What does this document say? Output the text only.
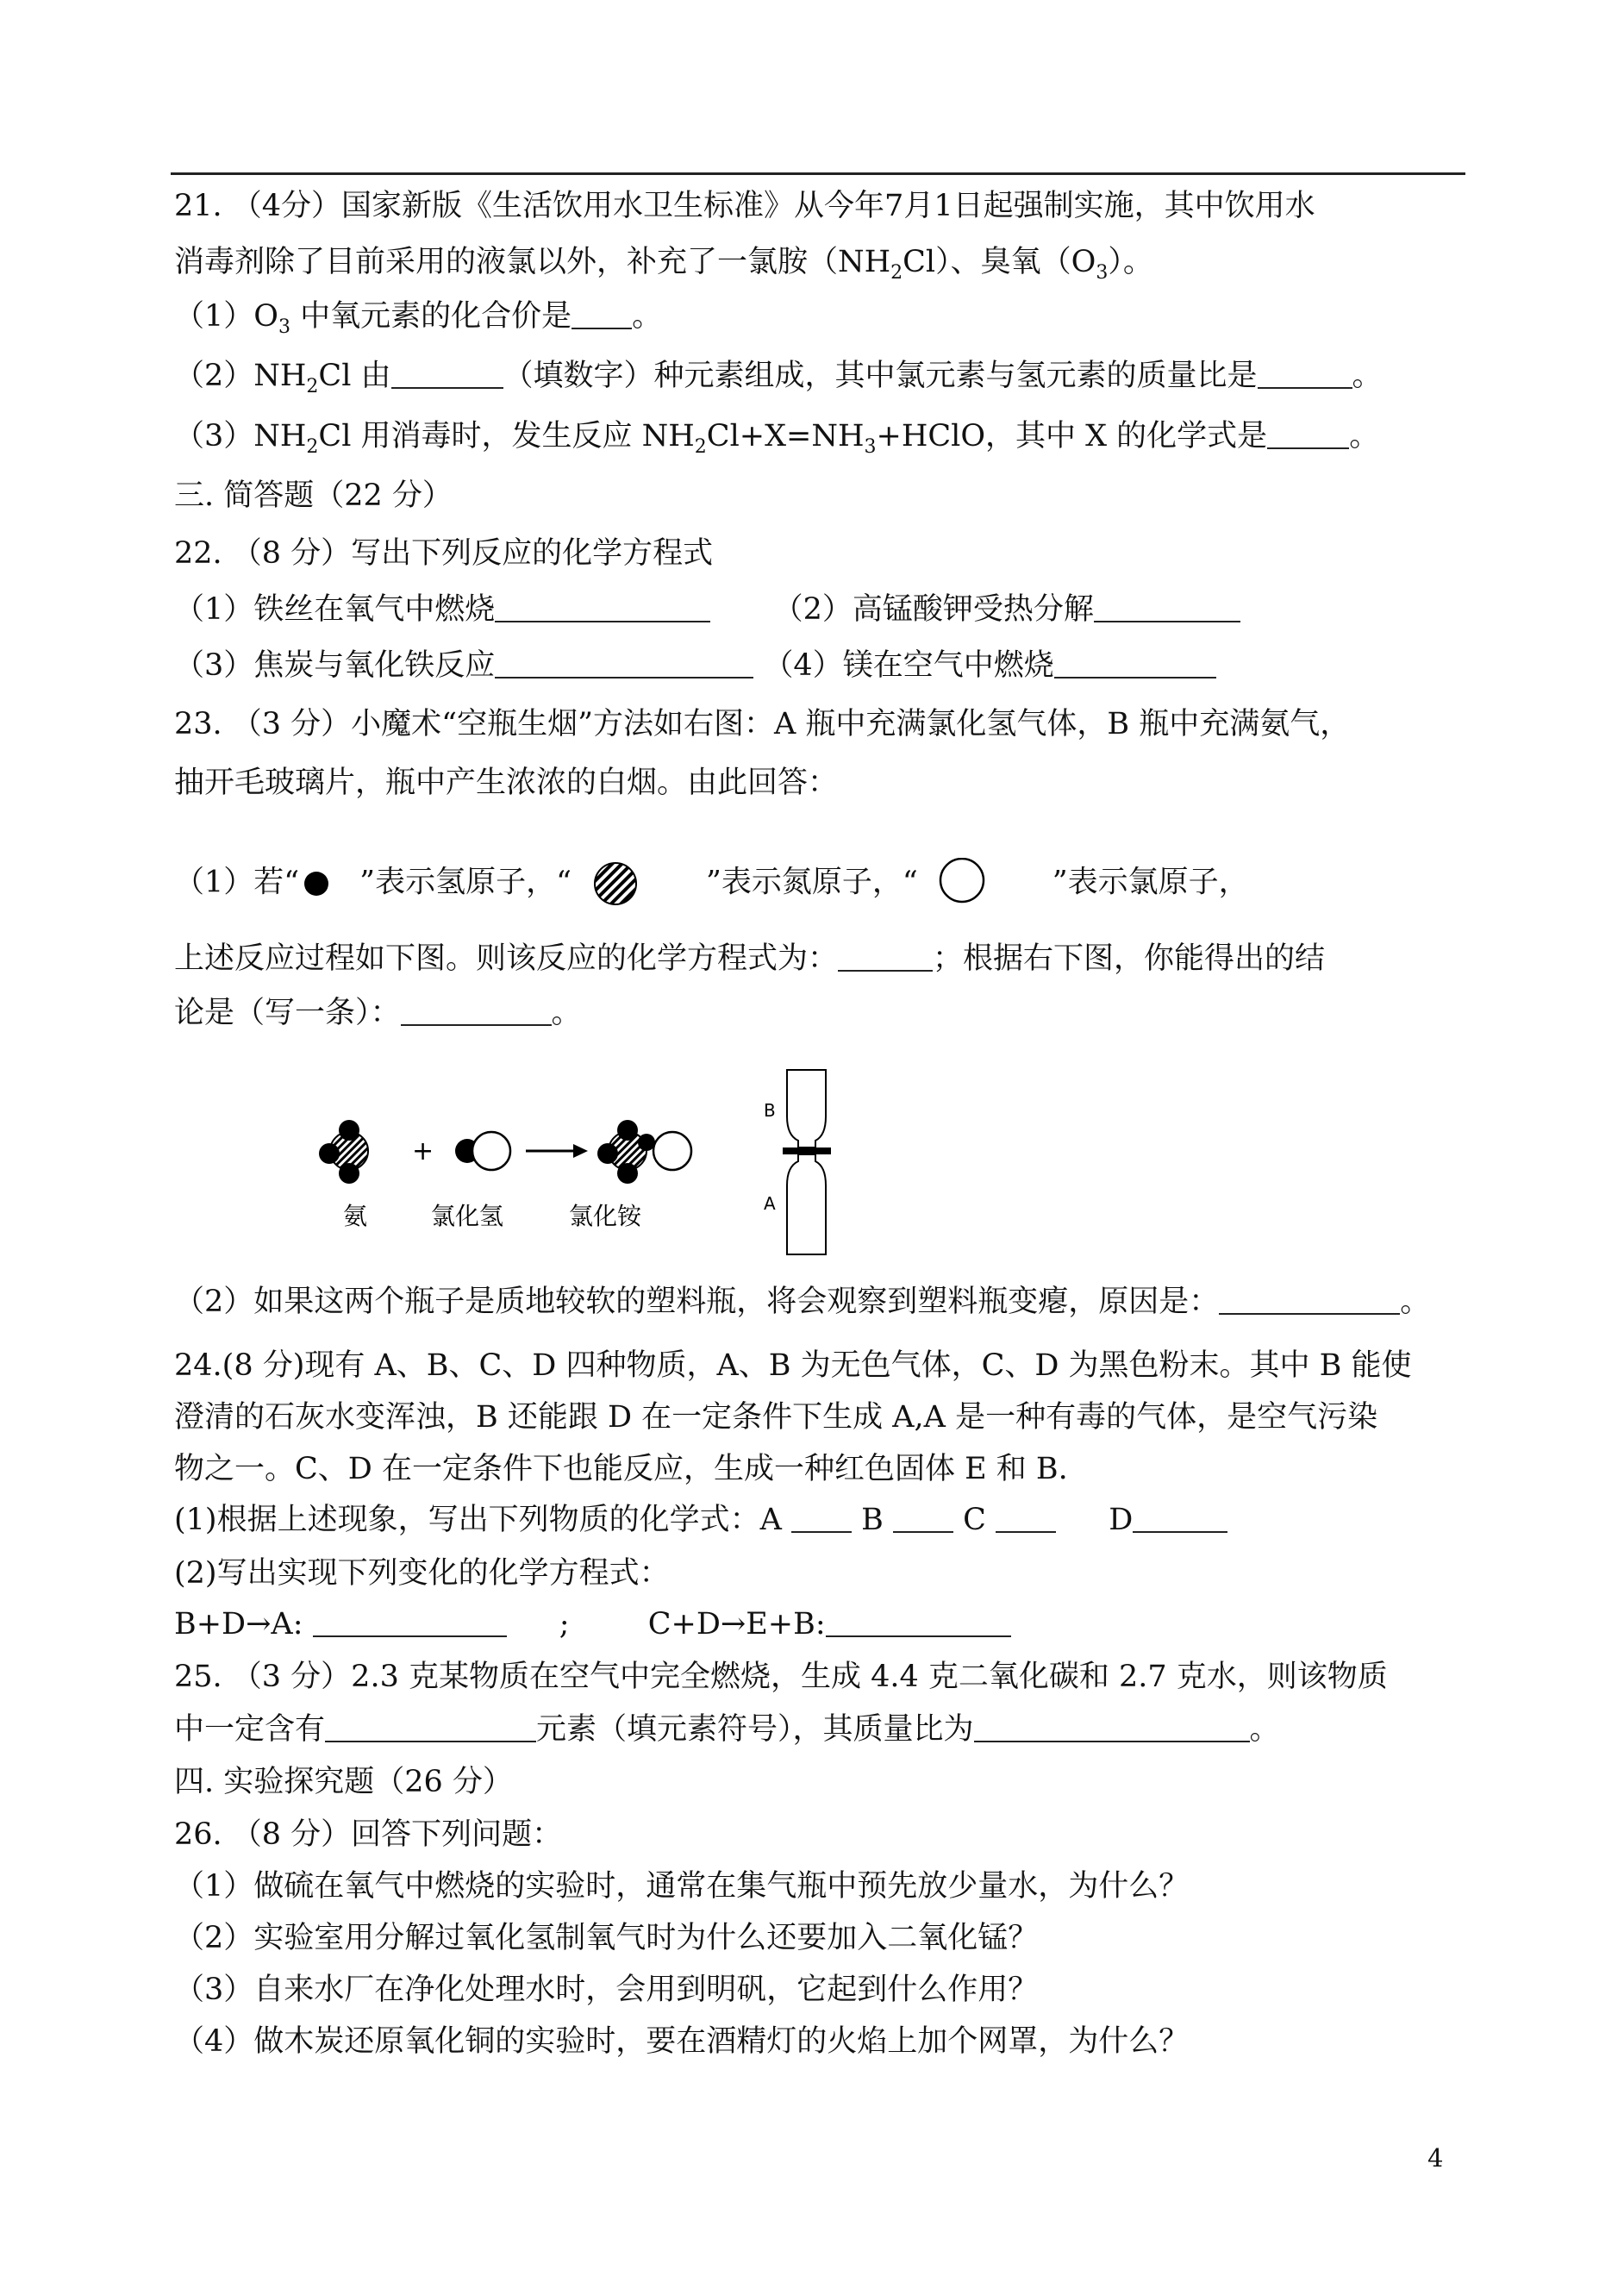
21. （4分）国家新版《生活饮用水卫生标准》从今年7月1日起强制实施，其中饮用水
消毒剂除了目前采用的液氯以外，补充了一氯胺$(NH_2Cl)$、臭氧$(O_3)$。
$(1)O_3$ 中氧元素的化合价是 。
$(2)NH_2Cl$ 由	（填数字）种元素组成，其中氯元素与氢元素的质量比是	。
$(3)NH_2Cl$ 用消毒时，发生反应 $NH_2Cl+X=NH_3+HClO$，其中 X 的化学式是	。
三. 简答题（22 分）
22. （8 分）写出下列反应的化学方程式
（1）铁丝在氧气中燃烧	（2）高锰酸钾受热分解
（3）焦炭与氧化铁反应	（4）镁在空气中燃烧
23. （3 分）小魔术“空瓶生烟”方法如右图：A 瓶中充满氯化氢气体，B 瓶中充满氨气，
抽开毛玻璃片，瓶中产生浓浓的白烟。由此回答：
（1）若“ ”表示氢原子，“	”表示氮原子，“	”表示氯原子，
上述反应过程如下图。则该反应的化学方程式为：	；根据右下图，你能得出的结
论是（写一条）：	。
+
氨	氯化氢	氯化铵
B
A
（2）如果这两个瓶子是质地较软的塑料瓶，将会观察到塑料瓶变瘪，原因是：	。
24.(8 分)现有 A、B、C、D 四种物质，A、B 为无色气体，C、D 为黑色粉末。其中 B 能使
澄清的石灰水变浑浊，B 还能跟 D 在一定条件下生成 A,A 是一种有毒的气体，是空气污染
物之一。C、D 在一定条件下也能反应，生成一种红色固体 E 和 B.
(1)根据上述现象，写出下列物质的化学式：A	B	C	D
(2)写出实现下列变化的化学方程式：
B+D→A:	;	C+D→E+B:
25. （3 分）2.3 克某物质在空气中完全燃烧，生成 4.4 克二氧化碳和 2.7 克水，则该物质
中一定含有	元素（填元素符号），其质量比为	。
四. 实验探究题（26 分）
26. （8 分）回答下列问题：
（1）做硫在氧气中燃烧的实验时，通常在集气瓶中预先放少量水，为什么？
（2）实验室用分解过氧化氢制氧气时为什么还要加入二氧化锰？
（3）自来水厂在净化处理水时，会用到明矾，它起到什么作用？
（4）做木炭还原氧化铜的实验时，要在酒精灯的火焰上加个网罩，为什么？
4
